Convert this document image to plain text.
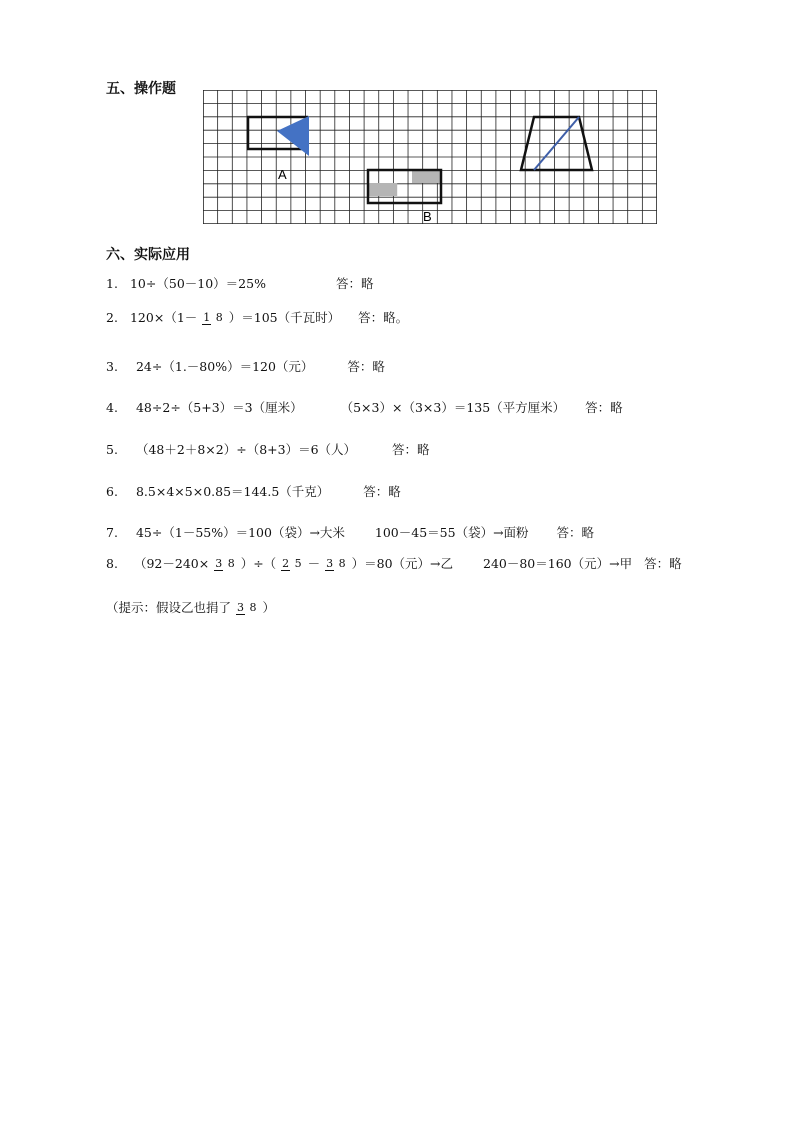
五、操作题
A
B
六、实际应用
1. 10÷（50－10）＝25%	答：略
2. 120×（1－ 1 8 ）＝105（千瓦时） 答：略。
3. 24÷（1.－80%）＝120（元）	答：略
4. 48÷2÷（5+3）＝3（厘米）	（5×3）×（3×3）＝135（平方厘米） 答：略
5. （48＋2＋8×2）÷（8+3）＝6（人）	答：略
6. 8.5×4×5×0.85＝144.5（千克）	答：略
7. 45÷（1－55%）＝100（袋）→大米 100－45＝55（袋）→面粉 答：略
8. （92－240× 3 8 ）÷（ 2 5 － 3 8 ）＝80（元）→乙 240－80＝160（元）→甲 答：略
（提示：假设乙也捐了 3 8 ）
